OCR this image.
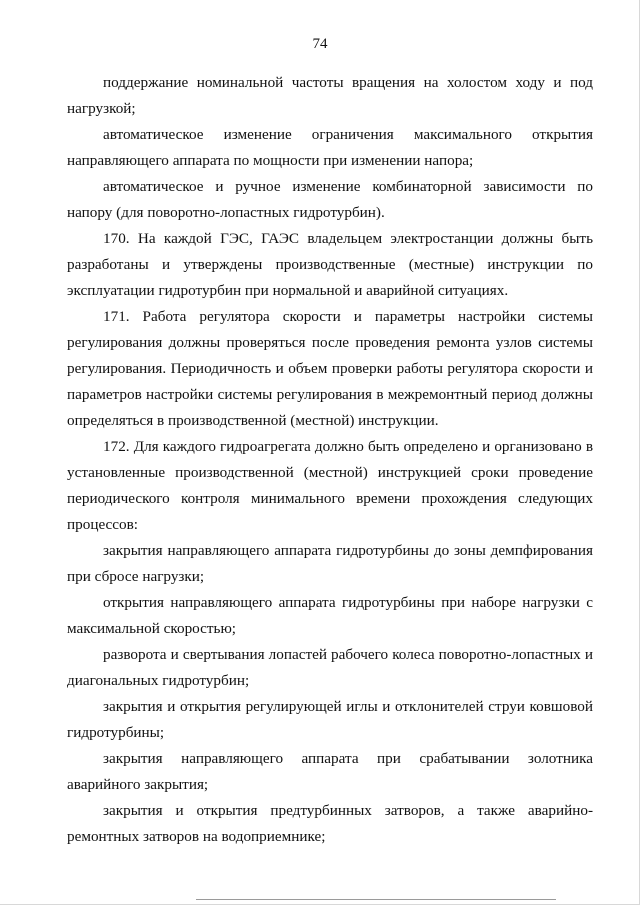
74

поддержание номинальной частоты вращения на холостом ходу и под нагрузкой;

автоматическое изменение ограничения максимального открытия направляющего аппарата по мощности при изменении напора;

автоматическое и ручное изменение комбинаторной зависимости по напору (для поворотно-лопастных гидротурбин).

170. На каждой ГЭС, ГАЭС владельцем электростанции должны быть разработаны и утверждены производственные (местные) инструкции по эксплуатации гидротурбин при нормальной и аварийной ситуациях.

171. Работа регулятора скорости и параметры настройки системы регулирования должны проверяться после проведения ремонта узлов системы регулирования. Периодичность и объем проверки работы регулятора скорости и параметров настройки системы регулирования в межремонтный период должны определяться в производственной (местной) инструкции.

172. Для каждого гидроагрегата должно быть определено и организовано в установленные производственной (местной) инструкцией сроки проведение периодического контроля минимального времени прохождения следующих процессов:

закрытия направляющего аппарата гидротурбины до зоны демпфирования при сбросе нагрузки;

открытия направляющего аппарата гидротурбины при наборе нагрузки с максимальной скоростью;

разворота и свертывания лопастей рабочего колеса поворотно-лопастных и диагональных гидротурбин;

закрытия и открытия регулирующей иглы и отклонителей струи ковшовой гидротурбины;

закрытия направляющего аппарата при срабатывании золотника аварийного закрытия;

закрытия и открытия предтурбинных затворов, а также аварийно-ремонтных затворов на водоприемнике;
